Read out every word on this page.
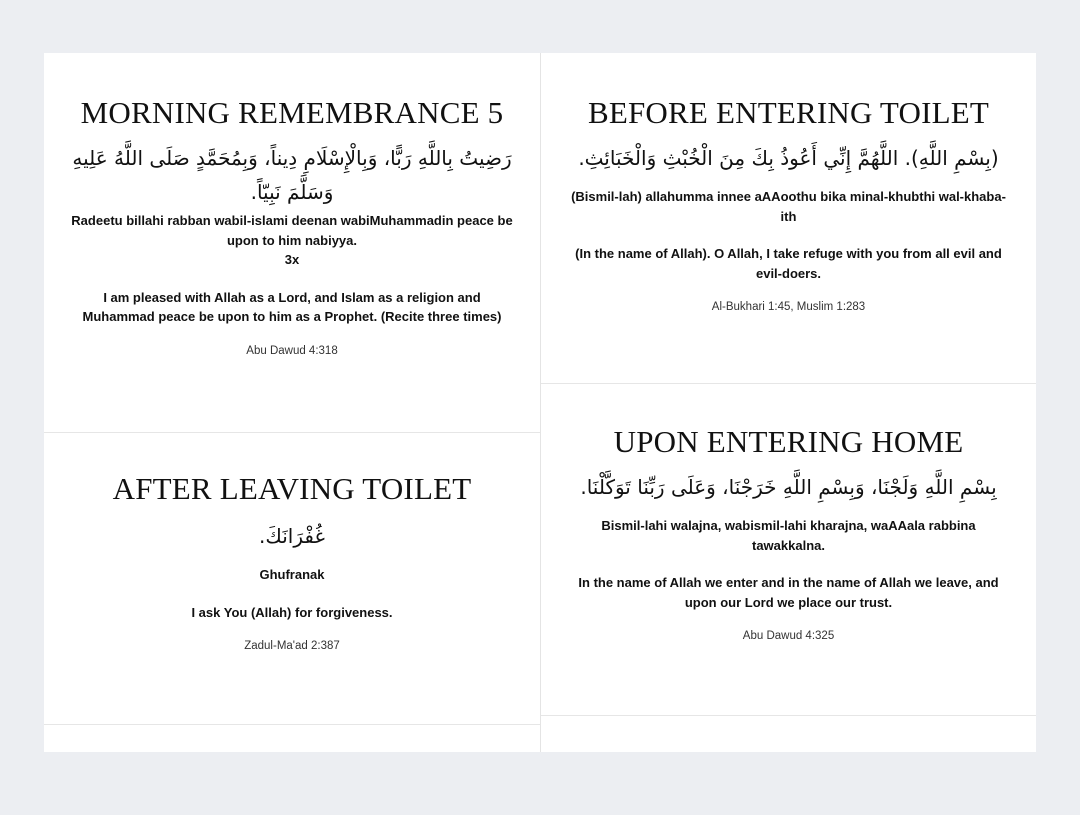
MORNING REMEMBRANCE 5
رَضِيتُ بِاللَّهِ رَبًّا، وَبِالْإِسْلَامِ دِيناً، وَبِمُحَمَّدٍ صَلَى اللَّهُ عَلِيهِ وَسَلَّمَ نَبِيّاً.
Radeetu billahi rabban wabil-islami deenan wabiMuhammadin peace be upon to him nabiyya.
3x
I am pleased with Allah as a Lord, and Islam as a religion and Muhammad peace be upon to him as a Prophet. (Recite three times)
Abu Dawud 4:318
AFTER LEAVING TOILET
غُفْرَانَكَ.
Ghufranak
I ask You (Allah) for forgiveness.
Zadul-Ma'ad 2:387
BEFORE ENTERING TOILET
(بِسْمِ اللَّهِ). اللَّهُمَّ إِنِّي أَعُوذُ بِكَ مِنَ الْخُبْثِ وَالْخَبَائِثِ.
(Bismil-lah) allahumma innee aAAoothu bika minal-khubthi wal-khaba-ith
(In the name of Allah). O Allah, I take refuge with you from all evil and evil-doers.
Al-Bukhari 1:45, Muslim 1:283
UPON ENTERING HOME
بِسْمِ اللَّهِ وَلَجْنَا، وَبِسْمِ اللَّهِ خَرَجْنَا، وَعَلَى رَبِّنَا تَوَكَّلْنَا.
Bismil-lahi walajna, wabismil-lahi kharajna, waAAala rabbina tawakkalna.
In the name of Allah we enter and in the name of Allah we leave, and upon our Lord we place our trust.
Abu Dawud 4:325
